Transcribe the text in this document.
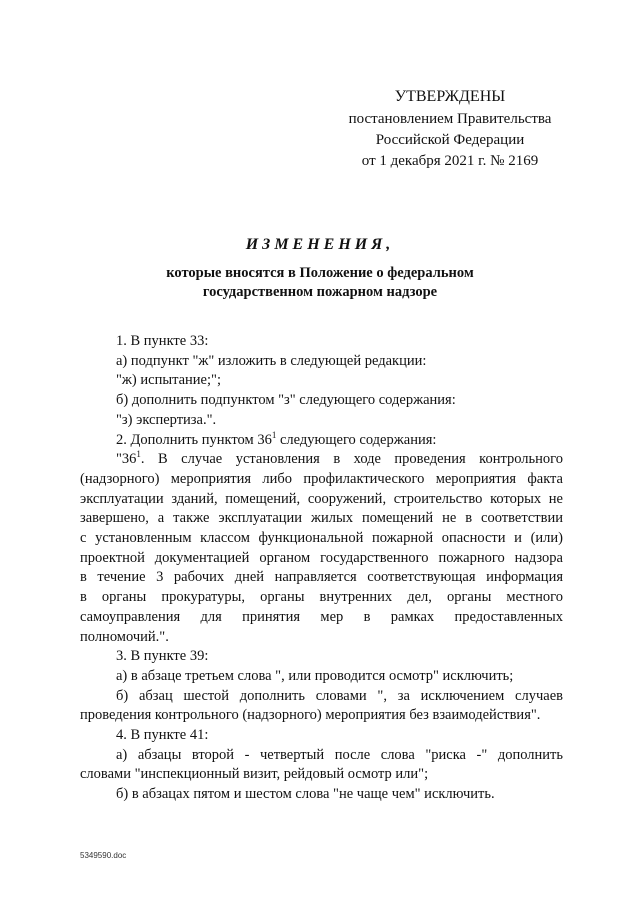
УТВЕРЖДЕНЫ
постановлением Правительства
Российской Федерации
от 1 декабря 2021 г. № 2169
ИЗМЕНЕНИЯ,
которые вносятся в Положение о федеральном
государственном пожарном надзоре

1. В пункте 33:

а) подпункт "ж" изложить в следующей редакции:

"ж) испытание;";

б) дополнить подпунктом "з" следующего содержания:

"з) экспертиза.".

2. Дополнить пунктом $36^1$ следующего содержания:

"$36^1$. В случае установления в ходе проведения контрольного

(надзорного) мероприятия либо профилактического мероприятия факта

эксплуатации зданий, помещений, сооружений, строительство которых не

завершено, а также эксплуатации жилых помещений не в соответствии

с установленным классом функциональной пожарной опасности и (или)

проектной документацией органом государственного пожарного надзора

в течение 3 рабочих дней направляется соответствующая информация

в органы прокуратуры, органы внутренних дел, органы местного

самоуправления для принятия мер в рамках предоставленных

полномочий.".

3. В пункте 39:

а) в абзаце третьем слова ", или проводится осмотр" исключить;

б) абзац шестой дополнить словами ", за исключением случаев

проведения контрольного (надзорного) мероприятия без взаимодействия".

4. В пункте 41:

а) абзацы второй - четвертый после слова "риска -" дополнить

словами "инспекционный визит, рейдовый осмотр или";

б) в абзацах пятом и шестом слова "не чаще чем" исключить.

5349590.doc
